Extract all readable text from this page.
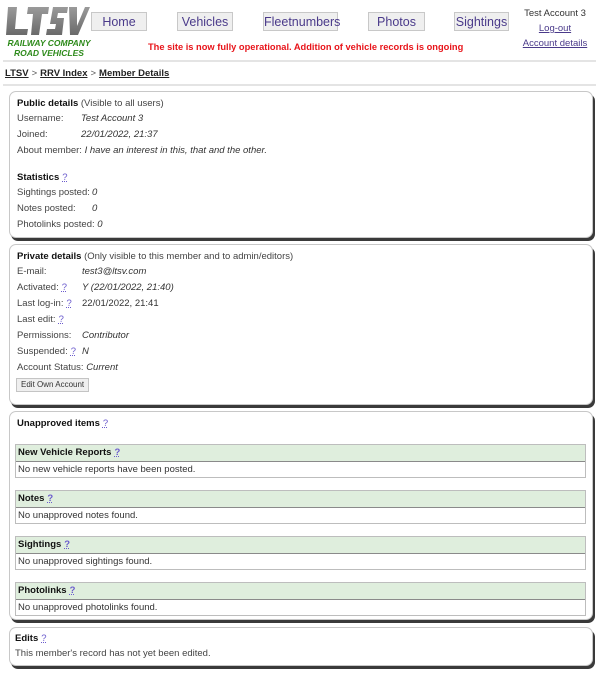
RAILWAY COMPANY
ROAD VEHICLES
Home	Vehicles	Fleetnumbers	Photos	Sightings
The site is now fully operational. Addition of vehicle records is ongoing
Test Account 3
Log-out
Account details
LTSV > RRV Index > Member Details
Public details (Visible to all users)
Username: Test Account 3
Joined:	22/01/2022, 21:37
About member: I have an interest in this, that and the other.
Statistics ?
Sightings posted: 0
Notes posted: 0
Photolinks posted: 0
Private details (Only visible to this member and to admin/editors)
E-mail:	test3@ltsv.com
Activated: ? Y (22/01/2022, 21:40)
Last log-in: ? 22/01/2022, 21:41
Last edit: ?
Permissions: Contributor
Suspended: ? N
Account Status: Current
Edit Own Account
Unapproved items ?
New Vehicle Reports ?
No new vehicle reports have been posted.
Notes ?
No unapproved notes found.
Sightings ?
No unapproved sightings found.
Photolinks ?
No unapproved photolinks found.
Edits ?
This member's record has not yet been edited.
